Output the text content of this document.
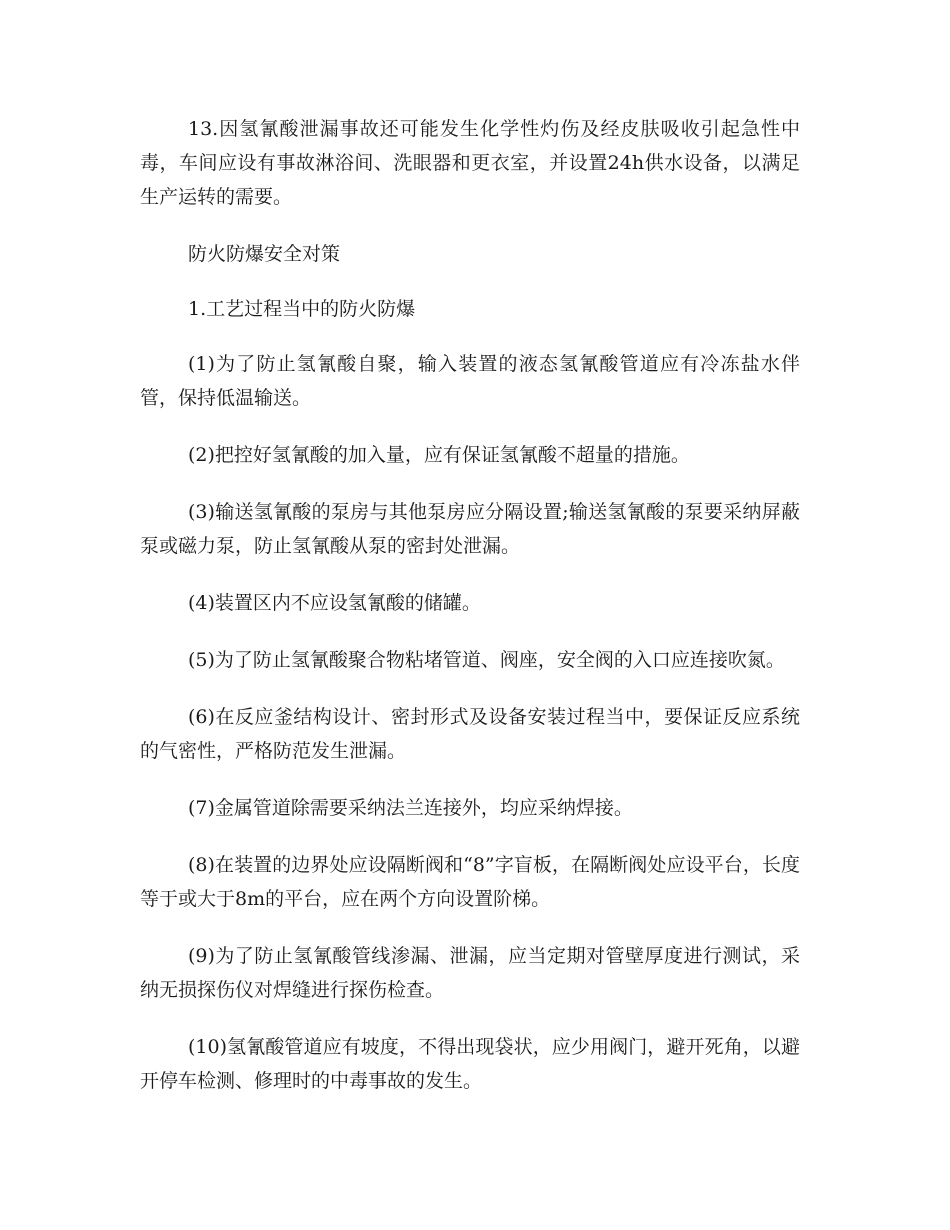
13.因氢氰酸泄漏事故还可能发生化学性灼伤及经皮肤吸收引起急性中毒，车间应设有事故淋浴间、洗眼器和更衣室，并设置24h供水设备，以满足生产运转的需要。

防火防爆安全对策

1.工艺过程当中的防火防爆

(1)为了防止氢氰酸自聚，输入装置的液态氢氰酸管道应有冷冻盐水伴管，保持低温输送。

(2)把控好氢氰酸的加入量，应有保证氢氰酸不超量的措施。

(3)输送氢氰酸的泵房与其他泵房应分隔设置;输送氢氰酸的泵要采纳屏蔽泵或磁力泵，防止氢氰酸从泵的密封处泄漏。

(4)装置区内不应设氢氰酸的储罐。

(5)为了防止氢氰酸聚合物粘堵管道、阀座，安全阀的入口应连接吹氮。

(6)在反应釜结构设计、密封形式及设备安装过程当中，要保证反应系统的气密性，严格防范发生泄漏。

(7)金属管道除需要采纳法兰连接外，均应采纳焊接。

(8)在装置的边界处应设隔断阀和“8”字盲板，在隔断阀处应设平台，长度等于或大于8m的平台，应在两个方向设置阶梯。

(9)为了防止氢氰酸管线渗漏、泄漏，应当定期对管壁厚度进行测试，采纳无损探伤仪对焊缝进行探伤检查。

(10)氢氰酸管道应有坡度，不得出现袋状，应少用阀门，避开死角，以避开停车检测、修理时的中毒事故的发生。
